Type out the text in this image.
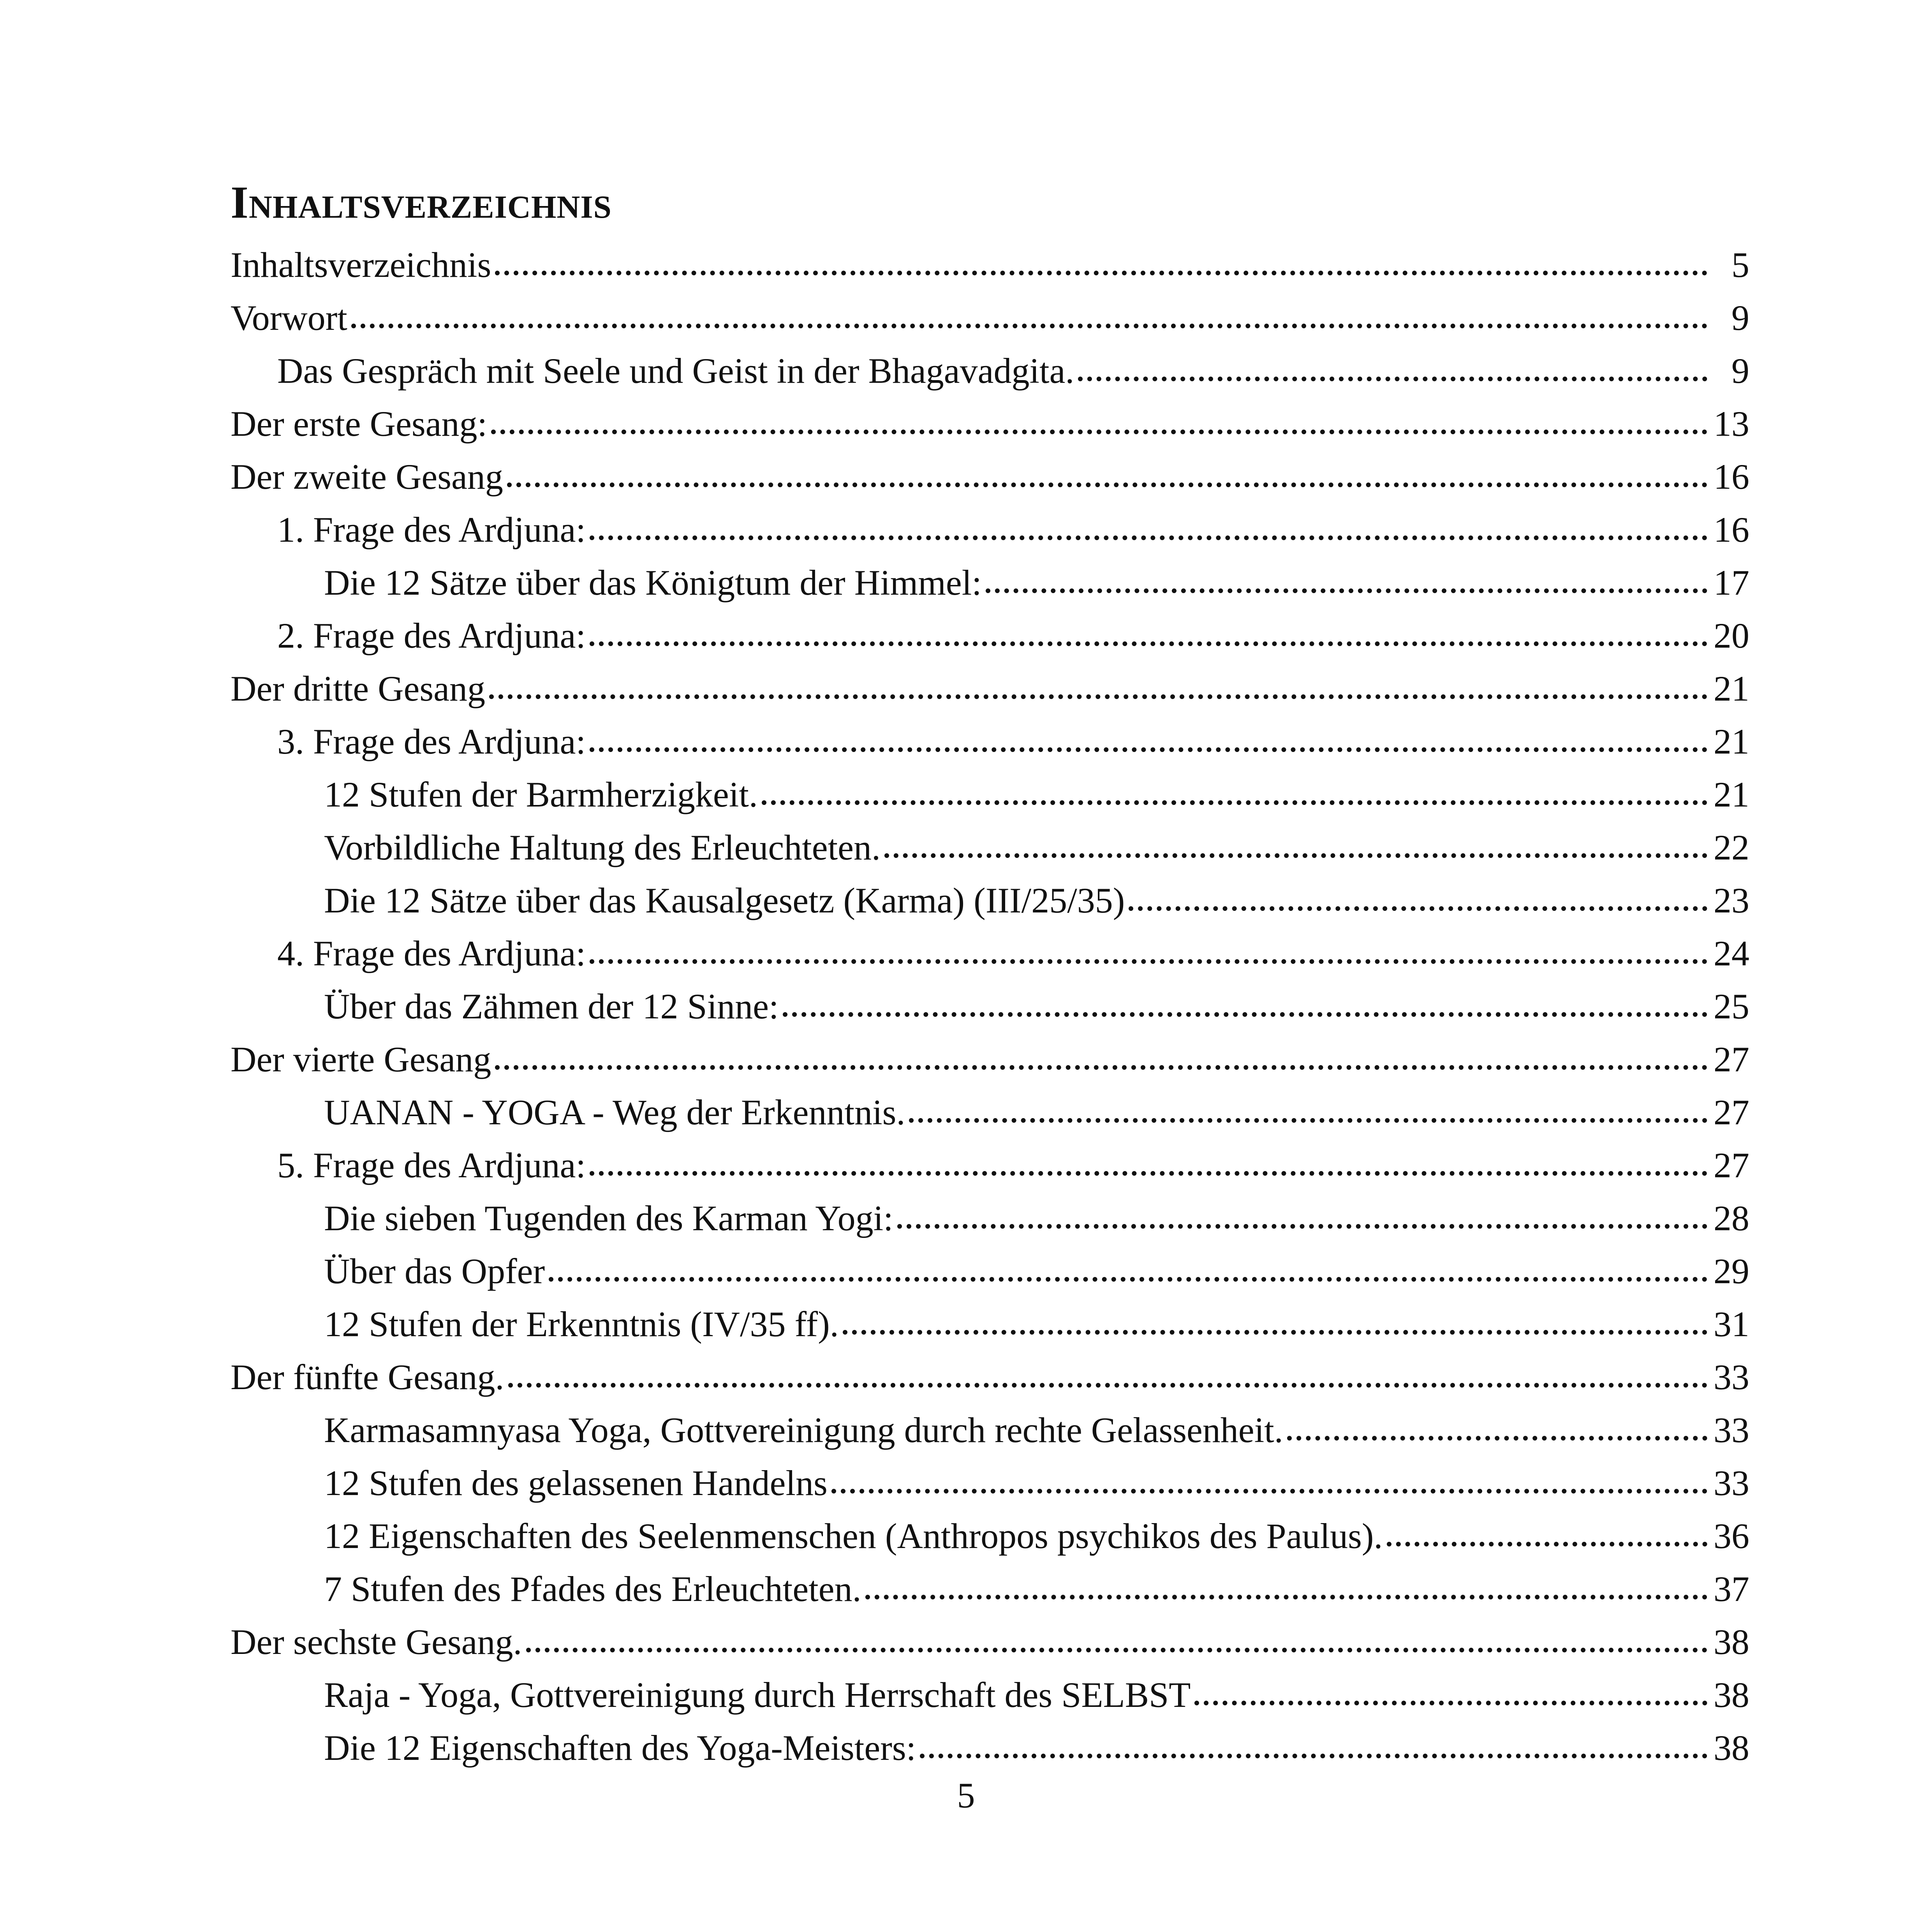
Inhaltsverzeichnis
Inhaltsverzeichnis	5
Vorwort	9
Das Gespräch mit Seele und Geist in der Bhagavadgita.	9
Der erste Gesang:	13
Der zweite Gesang	16
1. Frage des Ardjuna:	16
Die 12 Sätze über das Königtum der Himmel:	17
2. Frage des Ardjuna:	20
Der dritte Gesang	21
3. Frage des Ardjuna:	21
12 Stufen der Barmherzigkeit.	21
Vorbildliche Haltung des Erleuchteten.	22
Die 12 Sätze über das Kausalgesetz (Karma) (III/25/35)	23
4. Frage des Ardjuna:	24
Über das Zähmen der 12 Sinne:	25
Der vierte Gesang	27
UANAN - YOGA - Weg der Erkenntnis.	27
5. Frage des Ardjuna:	27
Die sieben Tugenden des Karman Yogi:	28
Über das Opfer	29
12 Stufen der Erkenntnis (IV/35 ff).	31
Der fünfte Gesang.	33
Karmasamnyasa Yoga, Gottvereinigung durch rechte Gelassenheit.	33
12 Stufen des gelassenen Handelns	33
12 Eigenschaften des Seelenmenschen (Anthropos psychikos des Paulus).	36
7 Stufen des Pfades des Erleuchteten.	37
Der sechste Gesang.	38
Raja - Yoga, Gottvereinigung durch Herrschaft des SELBST	38
Die 12 Eigenschaften des Yoga-Meisters:	38
5
